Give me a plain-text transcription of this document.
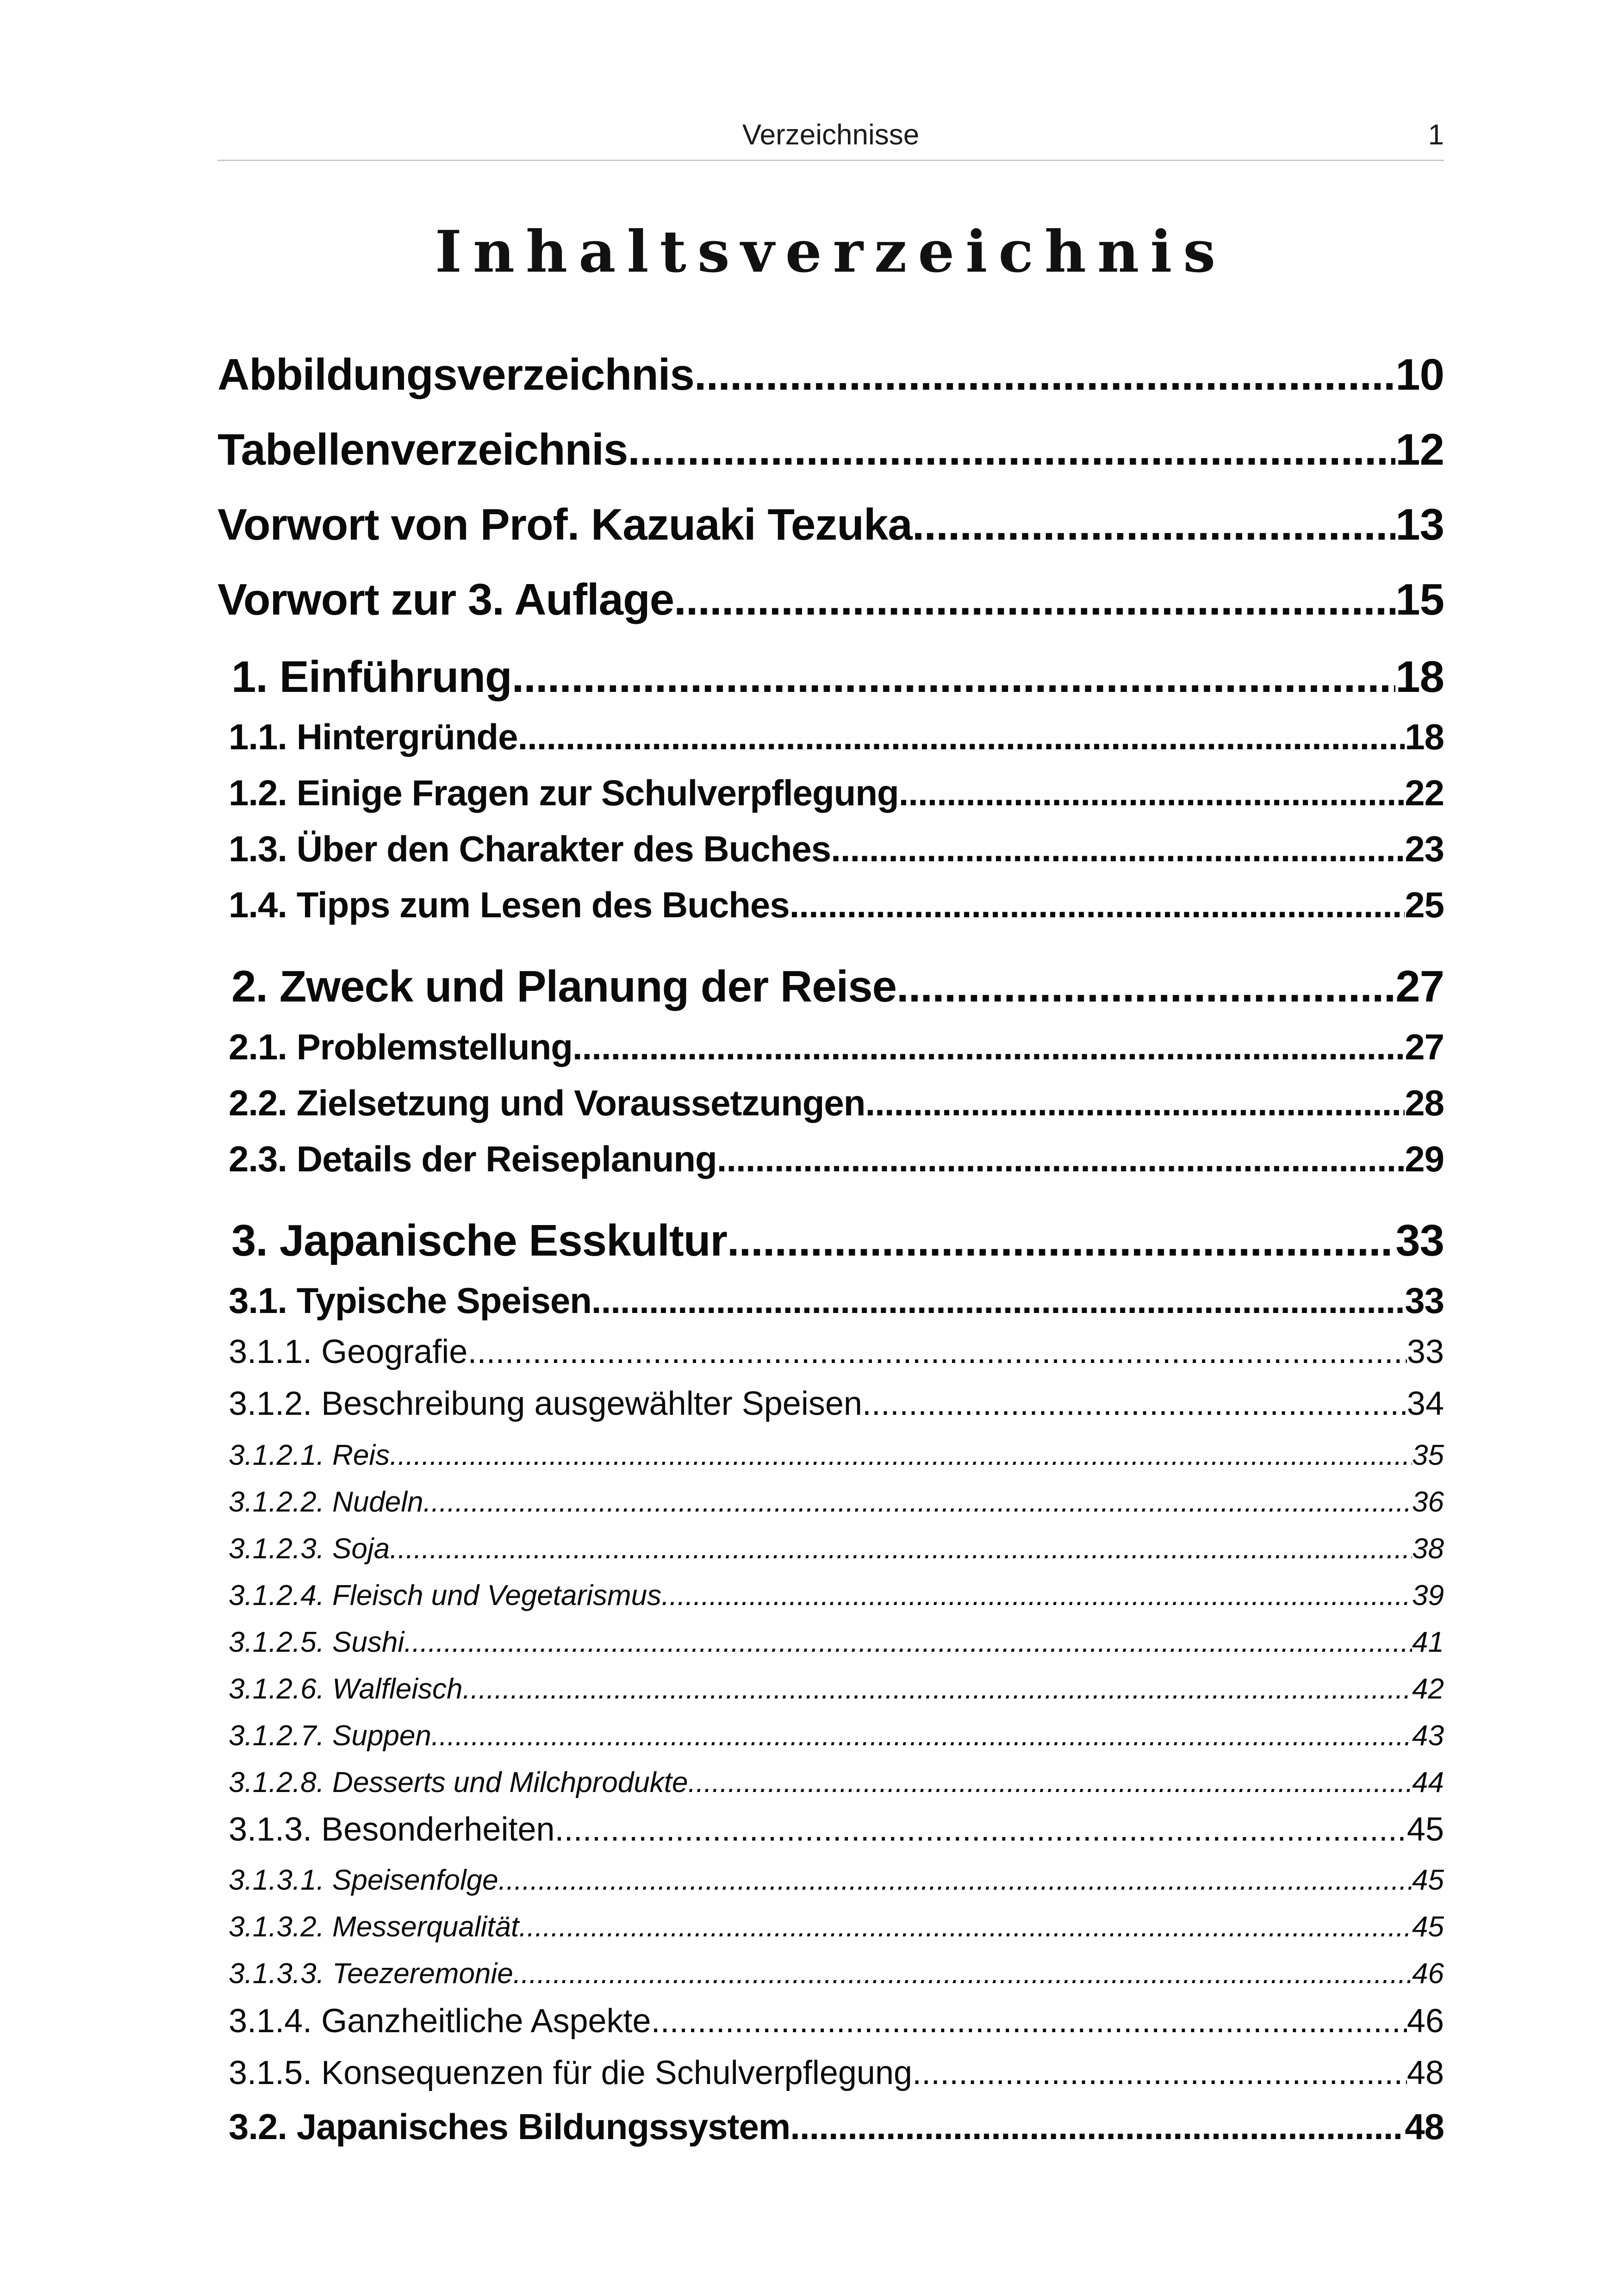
Verzeichnisse	1
Inhaltsverzeichnis
Abbildungsverzeichnis .....	10
Tabellenverzeichnis .....	12
Vorwort von Prof. Kazuaki Tezuka .....	13
Vorwort zur 3. Auflage .....	15
1. Einführung .....	18
1.1. Hintergründe .....	18
1.2. Einige Fragen zur Schulverpflegung .....	22
1.3. Über den Charakter des Buches .....	23
1.4. Tipps zum Lesen des Buches .....	25
2. Zweck und Planung der Reise .....	27
2.1. Problemstellung .....	27
2.2. Zielsetzung und Voraussetzungen .....	28
2.3. Details der Reiseplanung .....	29
3. Japanische Esskultur .....	33
3.1. Typische Speisen .....	33
3.1.1. Geografie .....	33
3.1.2. Beschreibung ausgewählter Speisen .....	34
3.1.2.1. Reis .....	35
3.1.2.2. Nudeln .....	36
3.1.2.3. Soja .....	38
3.1.2.4. Fleisch und Vegetarismus .....	39
3.1.2.5. Sushi .....	41
3.1.2.6. Walfleisch .....	42
3.1.2.7. Suppen .....	43
3.1.2.8. Desserts und Milchprodukte .....	44
3.1.3. Besonderheiten .....	45
3.1.3.1. Speisenfolge .....	45
3.1.3.2. Messerqualität .....	45
3.1.3.3. Teezeremonie .....	46
3.1.4. Ganzheitliche Aspekte .....	46
3.1.5. Konsequenzen für die Schulverpflegung .....	48
3.2. Japanisches Bildungssystem .....	48
